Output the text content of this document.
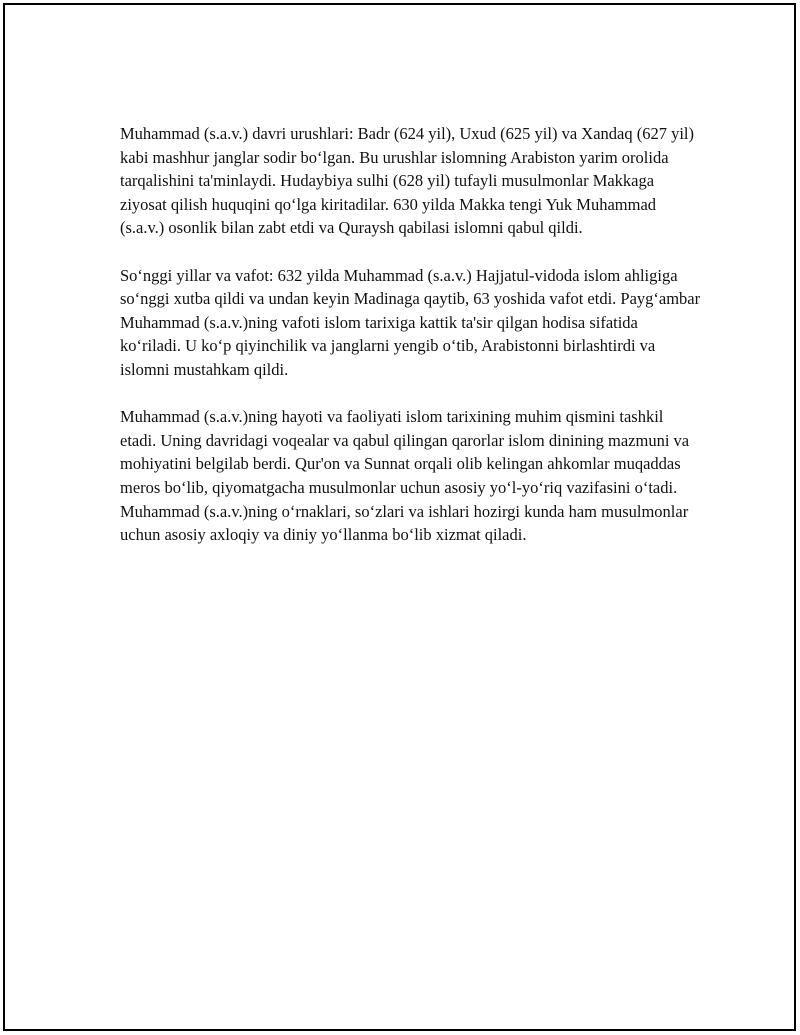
Muhammad (s.a.v.) davri urushlari: Badr (624 yil), Uxud (625 yil) va Xandaq (627 yil) kabi mashhur janglar sodir bo‘lgan. Bu urushlar islomning Arabiston yarim orolida tarqalishini ta'minlaydi. Hudaybiya sulhi (628 yil) tufayli musulmonlar Makkaga ziyosat qilish huquqini qo‘lga kiritadilar. 630 yilda Makka tengi Yuk Muhammad (s.a.v.) osonlik bilan zabt etdi va Quraysh qabilasi islomni qabul qildi.

So‘nggi yillar va vafot: 632 yilda Muhammad (s.a.v.) Hajjatul-vidoda islom ahligiga so‘nggi xutba qildi va undan keyin Madinaga qaytib, 63 yoshida vafot etdi. Payg‘ambar Muhammad (s.a.v.)ning vafoti islom tarixiga kattik ta'sir qilgan hodisa sifatida ko‘riladi. U ko‘p qiyinchilik va janglarni yengib o‘tib, Arabistonni birlashtirdi va islomni mustahkam qildi.

Muhammad (s.a.v.)ning hayoti va faoliyati islom tarixining muhim qismini tashkil etadi. Uning davridagi voqealar va qabul qilingan qarorlar islom dinining mazmuni va mohiyatini belgilab berdi. Qur'on va Sunnat orqali olib kelingan ahkomlar muqaddas meros bo‘lib, qiyomatgacha musulmonlar uchun asosiy yo‘l-yo‘riq vazifasini o‘tadi. Muhammad (s.a.v.)ning o‘rnaklari, so‘zlari va ishlari hozirgi kunda ham musulmonlar uchun asosiy axloqiy va diniy yo‘llanma bo‘lib xizmat qiladi.
